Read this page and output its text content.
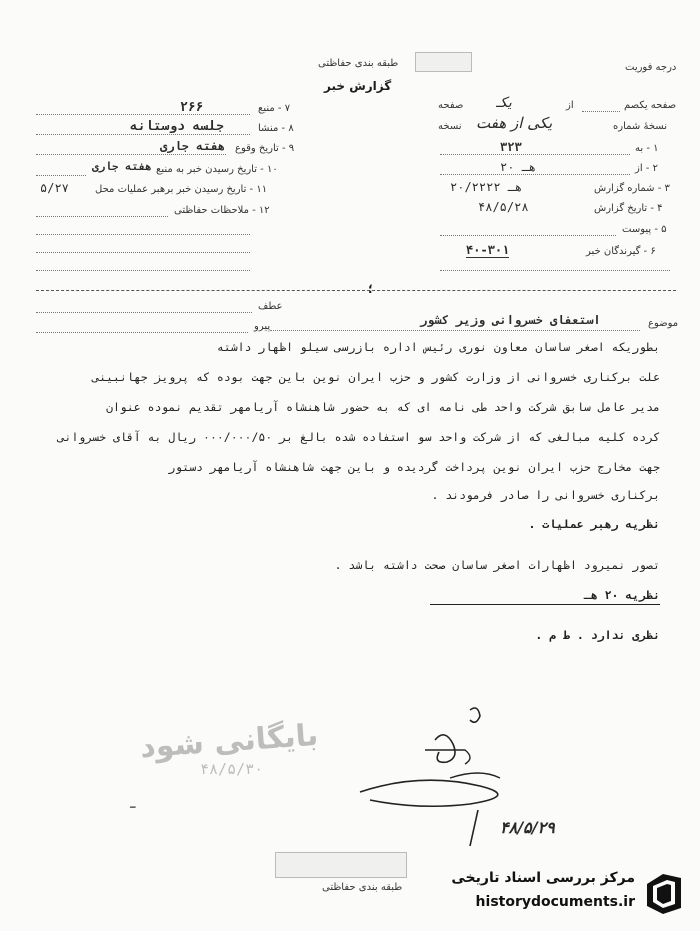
درجه فوریت
طبقه بندی حفاظتی
گزارش خبر
۷ - منبع
۲۶۶
۸ - منشا
جلسه دوستانه
۹ - تاریخ وقوع
هفته جاری
۱۰ - تاریخ رسیدن خبر به منبع
هفته جاری
۱۱ - تاریخ رسیدن خبر برهبر عملیات محل
۵/۲۷
۱۲ - ملاحظات حفاظتی
صفحه یکصم
از
یکـ
صفحه
نسخهٔ شماره
یکی از هفت
نسخه
۱ - به
۳۲۳
۲ - از
۲۰ هـ
۳ - شماره گزارش
۲۰/۲۲۲۲ هـ
۴ - تاریخ گزارش
۴۸/۵/۲۸
۵ - پیوست
۶ - گیرندگان خبر
۴۰-۳۰۱
؛
عطف
پیرو	موضوع
استعفای خسروانی وزیر کشور
بطوریکه اصغر ساسان معاون نوری رئیس اداره بازرسی سیلو اظهار داشته
علت برکناری خسروانی از وزارت کشور و حزب ایران نوین باین جهت بوده که پرویز جهانبینی
مدیر عامل سابق شرکت واحد طی نامه ای که به حضور شاهنشاه آریامهر تقدیم نموده عنوان
کرده کلیه مبالغی که از شرکت واحد سو استفاده شده بالغ بر ۰۰۰/۰۰۰/۵۰ ریال به آقای خسروانی
جهت مخارج حزب ایران نوین پرداخت گردیده و باین جهت شاهنشاه آریامهر دستور
برکناری خسروانی را صادر فرمودند .
نظریه رهبر عملیات .
تصور نمیرود اظهارات اصغر ساسان صحت داشته باشد .
نظریه ۲۰ هـ
نظری ندارد . ط م .
۴۸/۵/۲۹
بایگانی شود
۴۸/۵/۳۰
ـ
طبقه بندی حفاظتی
مرکز بررسی اسناد تاریخی
historydocuments.ir
